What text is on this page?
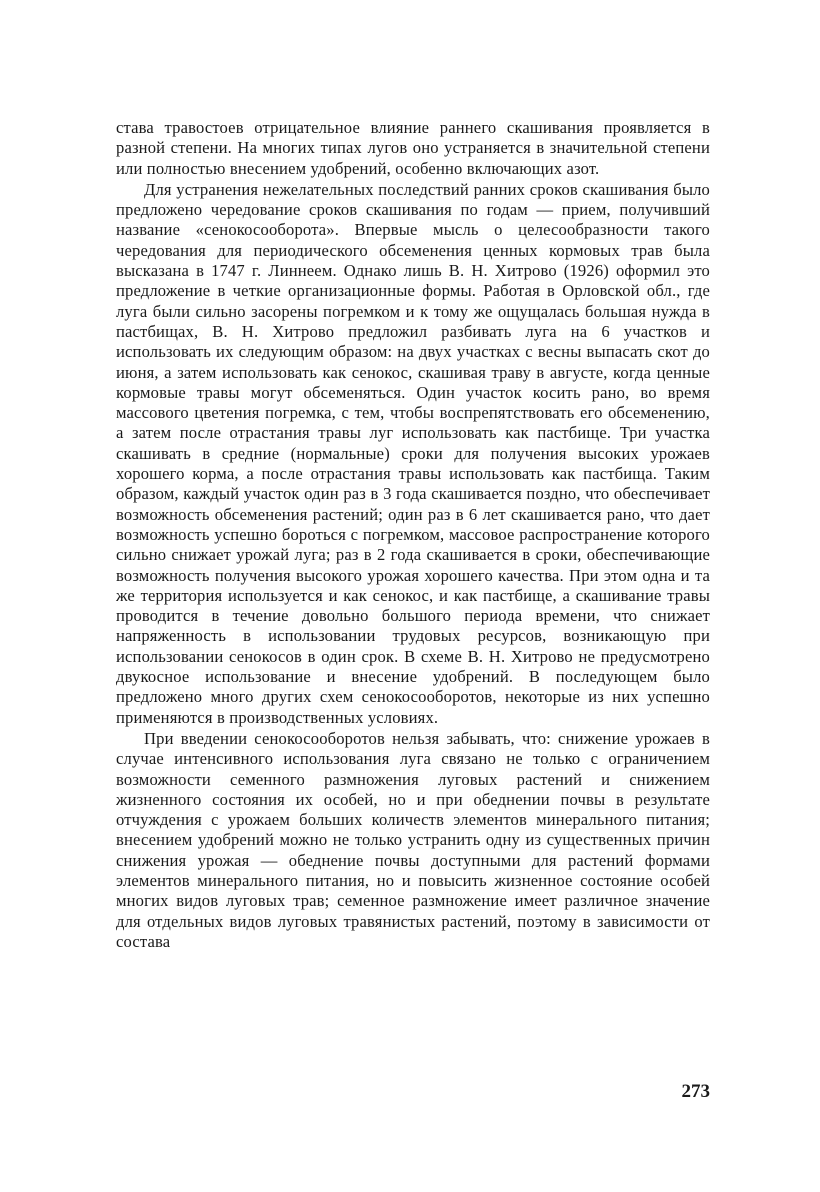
става травостоев отрицательное влияние раннего скашивания проявляется в разной степени. На многих типах лугов оно устраняется в значительной степени или полностью внесением удобрений, особенно включающих азот.

Для устранения нежелательных последствий ранних сроков скашивания было предложено чередование сроков скашивания по годам — прием, получивший название «сенокосооборота». Впервые мысль о целесообразности такого чередования для периодического обсеменения ценных кормовых трав была высказана в 1747 г. Линнеем. Однако лишь В. Н. Хитрово (1926) оформил это предложение в четкие организационные формы. Работая в Орловской обл., где луга были сильно засорены погремком и к тому же ощущалась большая нужда в пастбищах, В. Н. Хитрово предложил разбивать луга на 6 участков и использовать их следующим образом: на двух участках с весны выпасать скот до июня, а затем использовать как сенокос, скашивая траву в августе, когда ценные кормовые травы могут обсеменяться. Один участок косить рано, во время массового цветения погремка, с тем, чтобы воспрепятствовать его обсеменению, а затем после отрастания травы луг использовать как пастбище. Три участка скашивать в средние (нормальные) сроки для получения высоких урожаев хорошего корма, а после отрастания травы использовать как пастбища. Таким образом, каждый участок один раз в 3 года скашивается поздно, что обеспечивает возможность обсеменения растений; один раз в 6 лет скашивается рано, что дает возможность успешно бороться с погремком, массовое распространение которого сильно снижает урожай луга; раз в 2 года скашивается в сроки, обеспечивающие возможность получения высокого урожая хорошего качества. При этом одна и та же территория используется и как сенокос, и как пастбище, а скашивание травы проводится в течение довольно большого периода времени, что снижает напряженность в использовании трудовых ресурсов, возникающую при использовании сенокосов в один срок. В схеме В. Н. Хитрово не предусмотрено двукосное использование и внесение удобрений. В последующем было предложено много других схем сенокосооборотов, некоторые из них успешно применяются в производственных условиях.

При введении сенокосооборотов нельзя забывать, что: снижение урожаев в случае интенсивного использования луга связано не только с ограничением возможности семенного размножения луговых растений и снижением жизненного состояния их особей, но и при обеднении почвы в результате отчуждения с урожаем больших количеств элементов минерального питания; внесением удобрений можно не только устранить одну из существенных причин снижения урожая — обеднение почвы доступными для растений формами элементов минерального питания, но и повысить жизненное состояние особей многих видов луговых трав; семенное размножение имеет различное значение для отдельных видов луговых травянистых растений, поэтому в зависимости от состава

273
